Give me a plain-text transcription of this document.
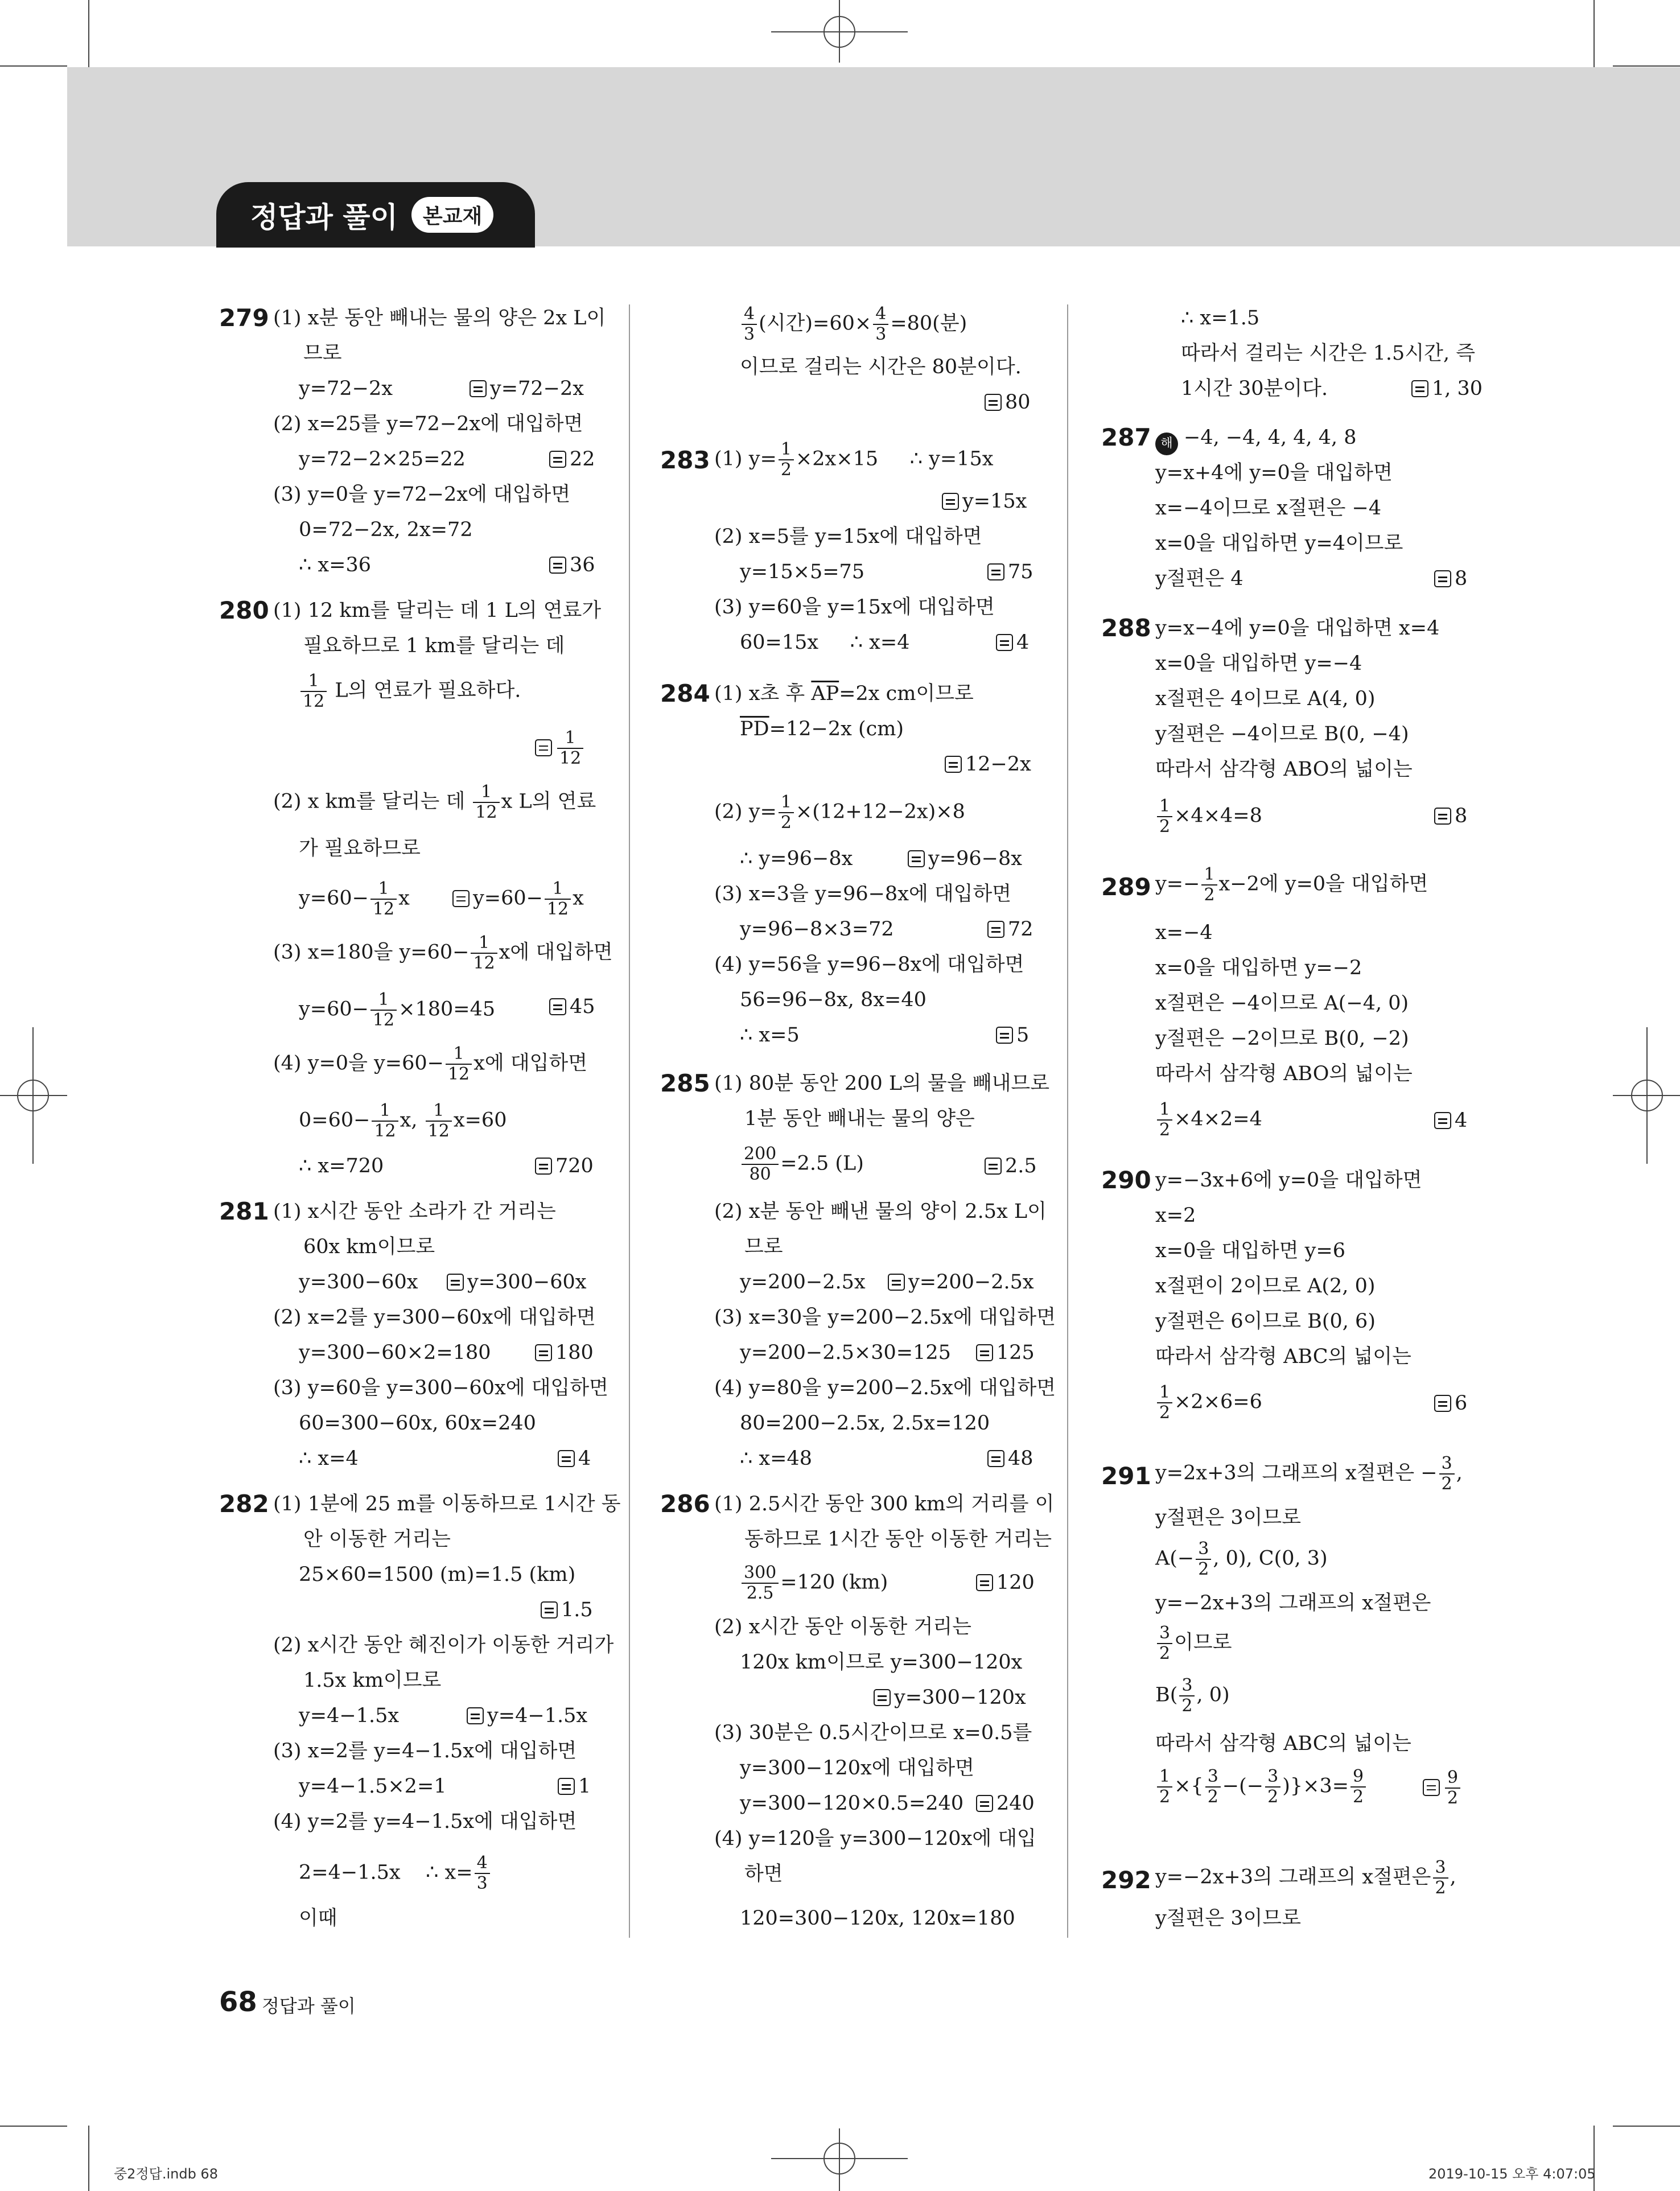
정답과 풀이	본교재
279 (1) x분 동안 빼내는 물의 양은 2x L이
므로
y=72−2x	y=72−2x
(2) x=25를 y=72−2x에 대입하면
y=72−2×25=22	22
(3) y=0을 y=72−2x에 대입하면
0=72−2x, 2x=72
∴ x=36	36
280 (1) 12 km를 달리는 데 1 L의 연료가
필요하므로 1 km를 달리는 데
$\frac{1}{12}$ L의 연료가 필요하다.
$\frac{1}{12}$
(2) x km를 달리는 데 $\frac{1}{12}$ x L의 연료
가 필요하므로
$y=60- \frac{1}{12}$ x	$y=60- \frac{1}{12}$ x
(3) x=180을 $y=60- \frac{1}{12}$ x에 대입하면
$y=60- \frac{1}{12} \times 180=45$	45
(4) y=0을 $y=60- \frac{1}{12}$ x에 대입하면
$0=60- \frac{1}{12} x$, $\frac{1}{12} x=60$
∴ x=720	720
281 (1) x시간 동안 소라가 간 거리는
60x km이므로
y=300−60x	y=300−60x
(2) x=2를 y=300−60x에 대입하면
y=300−60×2=180	180
(3) y=60을 y=300−60x에 대입하면
60=300−60x, 60x=240
∴ x=4	4
282 (1) 1분에 25 m를 이동하므로 1시간 동
안 이동한 거리는
25×60=1500 (m)=1.5 (km)
1.5
(2) x시간 동안 혜진이가 이동한 거리가
1.5x km이므로
y=4−1.5x	y=4−1.5x
(3) x=2를 y=4−1.5x에 대입하면
y=4−1.5×2=1	1
(4) y=2를 y=4−1.5x에 대입하면
2=4−1.5x ∴ $x= \frac{4}{3}$
이때
$\frac{4}{3}$ (시간)$=60\times \frac{4}{3} =80$(분)
이므로 걸리는 시간은 80분이다.
80
283 (1) $y= \frac{1}{2} \times 2x\times 15$ ∴ y=15x
y=15x
(2) x=5를 y=15x에 대입하면
y=15×5=75	75
(3) y=60을 y=15x에 대입하면
60=15x ∴ x=4	4
284 (1) x초 후 $\overline{AP}=2x$ cm이므로
$\overline{PD}=12-2x$ (cm)
12−2x
(2) $y= \frac{1}{2} \times(12+12-2x)\times 8$
∴ y=96−8x	y=96−8x
(3) x=3을 y=96−8x에 대입하면
y=96−8×3=72	72
(4) y=56을 y=96−8x에 대입하면
56=96−8x, 8x=40
∴ x=5	5
285 (1) 80분 동안 200 L의 물을 빼내므로
1분 동안 빼내는 물의 양은
$\frac{200}{80} =2.5$ (L)	2.5
(2) x분 동안 빼낸 물의 양이 2.5x L이
므로
y=200−2.5x	y=200−2.5x
(3) x=30을 y=200−2.5x에 대입하면
y=200−2.5×30=125	125
(4) y=80을 y=200−2.5x에 대입하면
80=200−2.5x, 2.5x=120
∴ x=48	48
286 (1) 2.5시간 동안 300 km의 거리를 이
동하므로 1시간 동안 이동한 거리는
$\frac{300}{2.5} =120$ (km)	120
(2) x시간 동안 이동한 거리는
120x km이므로 y=300−120x
y=300−120x
(3) 30분은 0.5시간이므로 x=0.5를
y=300−120x에 대입하면
y=300−120×0.5=240	240
(4) y=120을 y=300−120x에 대입
하면
120=300−120x, 120x=180
∴ x=1.5
따라서 걸리는 시간은 1.5시간, 즉
1시간 30분이다.	1, 30
287 해 −4, −4, 4, 4, 4, 8
y=x+4에 y=0을 대입하면
x=−4이므로 x절편은 −4
x=0을 대입하면 y=4이므로
y절편은 4	8
288 y=x−4에 y=0을 대입하면 x=4
x=0을 대입하면 y=−4
x절편은 4이므로 A(4, 0)
y절편은 −4이므로 B(0, −4)
따라서 삼각형 ABO의 넓이는
$\frac{1}{2} \times 4\times 4=8$	8
289 $y=- \frac{1}{2} x-2$에 y=0을 대입하면
x=−4
x=0을 대입하면 y=−2
x절편은 −4이므로 A(−4, 0)
y절편은 −2이므로 B(0, −2)
따라서 삼각형 ABO의 넓이는
$\frac{1}{2} \times 4\times 2=4$	4
290 y=−3x+6에 y=0을 대입하면
x=2
x=0을 대입하면 y=6
x절편이 2이므로 A(2, 0)
y절편은 6이므로 B(0, 6)
따라서 삼각형 ABC의 넓이는
$\frac{1}{2} \times 2\times 6=6$	6
291 y=2x+3의 그래프의 x절편은 − $\frac{3}{2}$ ,
y절편은 3이므로
$A(- \frac{3}{2}$ , 0), C(0, 3)
y=−2x+3의 그래프의 x절편은
$\frac{3}{2}$ 이므로
$B( \frac{3}{2}$ , 0)
따라서 삼각형 ABC의 넓이는
$\frac{1}{2}$ ×{ $\frac{3}{2}$ −(− $\frac{3}{2} )\}\times 3= \frac{9}{2}$	$\frac{9}{2}$
292 y=−2x+3의 그래프의 x절편은 $\frac{3}{2}$ ,
y절편은 3이므로
68 정답과 풀이
중2정답.indb 68	2019-10-15 오후 4:07:05
